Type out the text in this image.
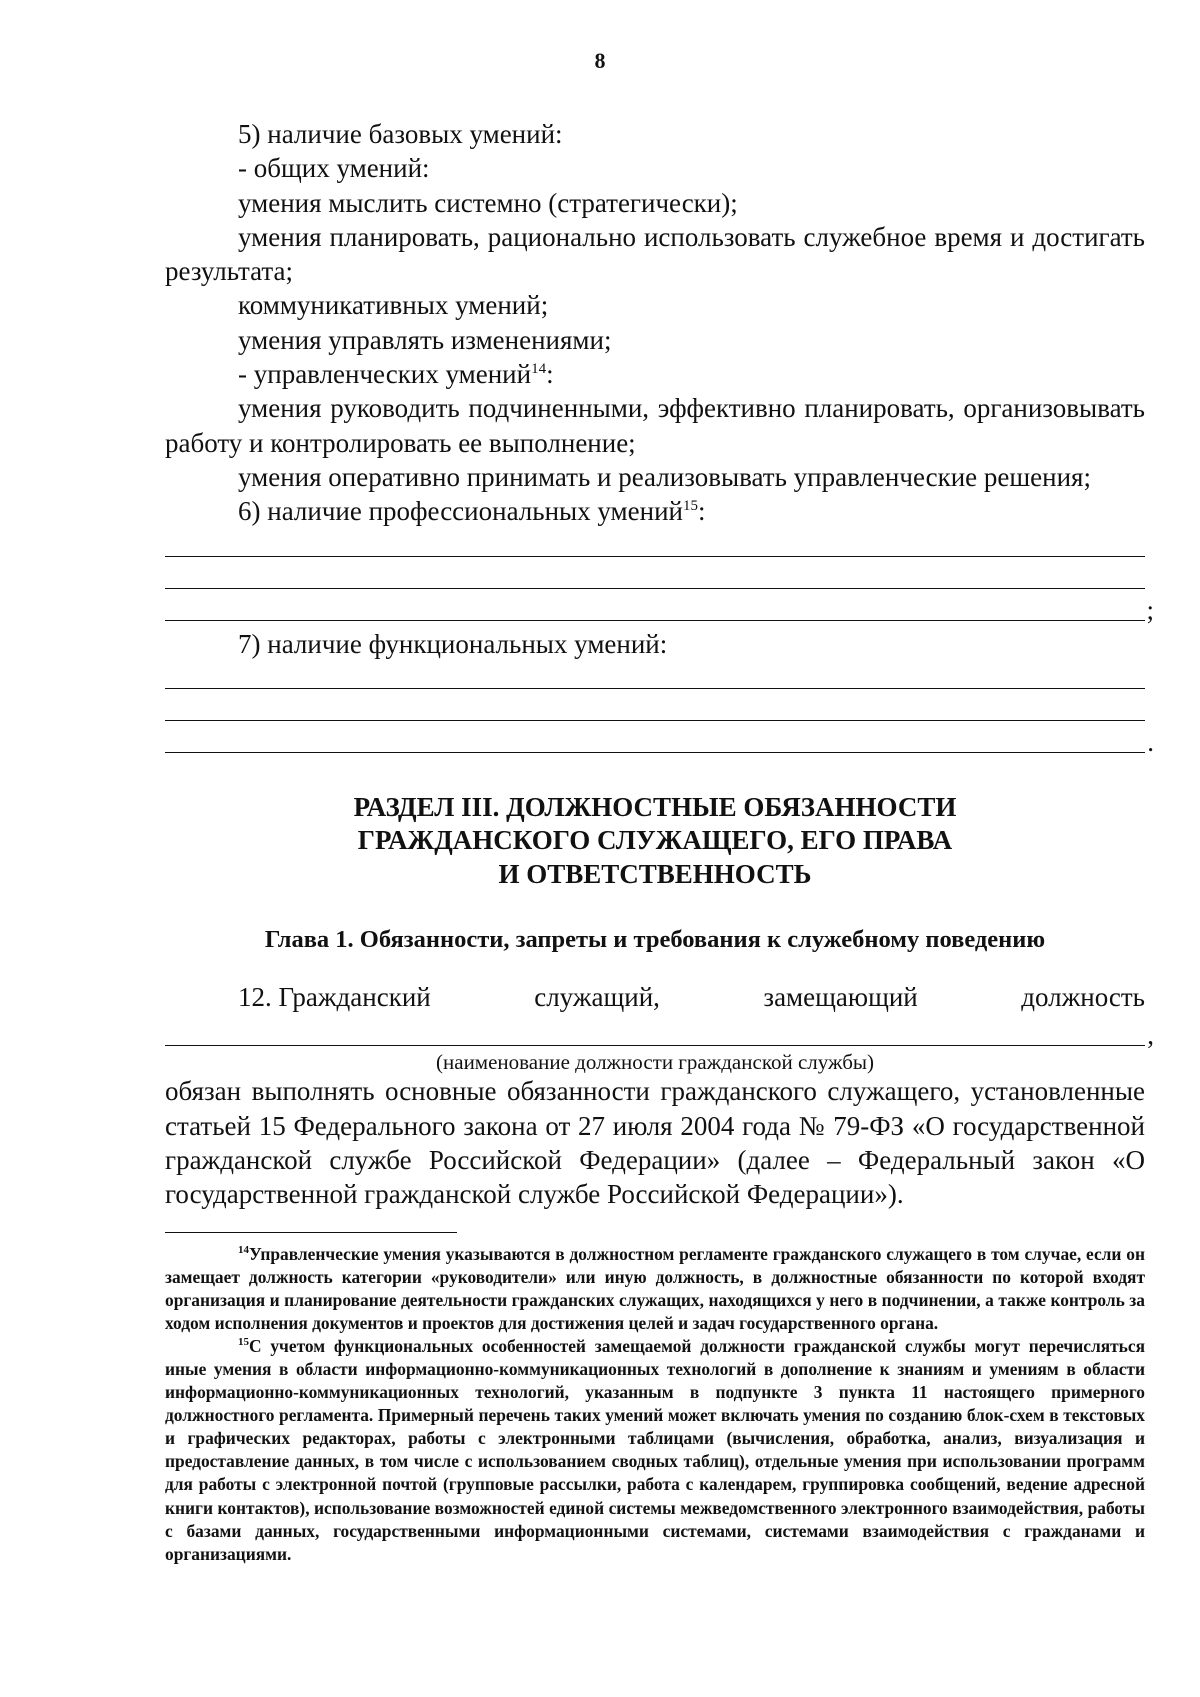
8

5) наличие базовых умений:

- общих умений:

умения мыслить системно (стратегически);

умения планировать, рационально использовать служебное время и достигать результата;

коммуникативных умений;

умения управлять изменениями;

- управленческих умений$^{14}$:

умения руководить подчиненными, эффективно планировать, организовывать работу и контролировать ее выполнение;

умения оперативно принимать и реализовывать управленческие решения;

6) наличие профессиональных умений$^{15}$:

;

7) наличие функциональных умений:

.

РАЗДЕЛ III. ДОЛЖНОСТНЫЕ ОБЯЗАННОСТИ

ГРАЖДАНСКОГО СЛУЖАЩЕГО, ЕГО ПРАВА

И ОТВЕТСТВЕННОСТЬ

Глава 1. Обязанности, запреты и требования к служебному поведению

12. Гражданский	служащий,	замещающий	должность
,

(наименование должности гражданской службы)

обязан выполнять основные обязанности гражданского служащего, установленные статьей 15 Федерального закона от 27 июля 2004 года № 79-ФЗ «О государственной гражданской службе Российской Федерации» (далее – Федеральный закон «О государственной гражданской службе Российской Федерации»).

$^{14}$Управленческие умения указываются в должностном регламенте гражданского служащего в том случае, если он замещает должность категории «руководители» или иную должность, в должностные обязанности по которой входят организация и планирование деятельности гражданских служащих, находящихся у него в подчинении, а также контроль за ходом исполнения документов и проектов для достижения целей и задач государственного органа.

$^{15}$С учетом функциональных особенностей замещаемой должности гражданской службы могут перечисляться иные умения в области информационно-коммуникационных технологий в дополнение к знаниям и умениям в области информационно-коммуникационных технологий, указанным в подпункте 3 пункта 11 настоящего примерного должностного регламента. Примерный перечень таких умений может включать умения по созданию блок-схем в текстовых и графических редакторах, работы с электронными таблицами (вычисления, обработка, анализ, визуализация и предоставление данных, в том числе с использованием сводных таблиц), отдельные умения при использовании программ для работы с электронной почтой (групповые рассылки, работа с календарем, группировка сообщений, ведение адресной книги контактов), использование возможностей единой системы межведомственного электронного взаимодействия, работы с базами данных, государственными информационными системами, системами взаимодействия с гражданами и организациями.
